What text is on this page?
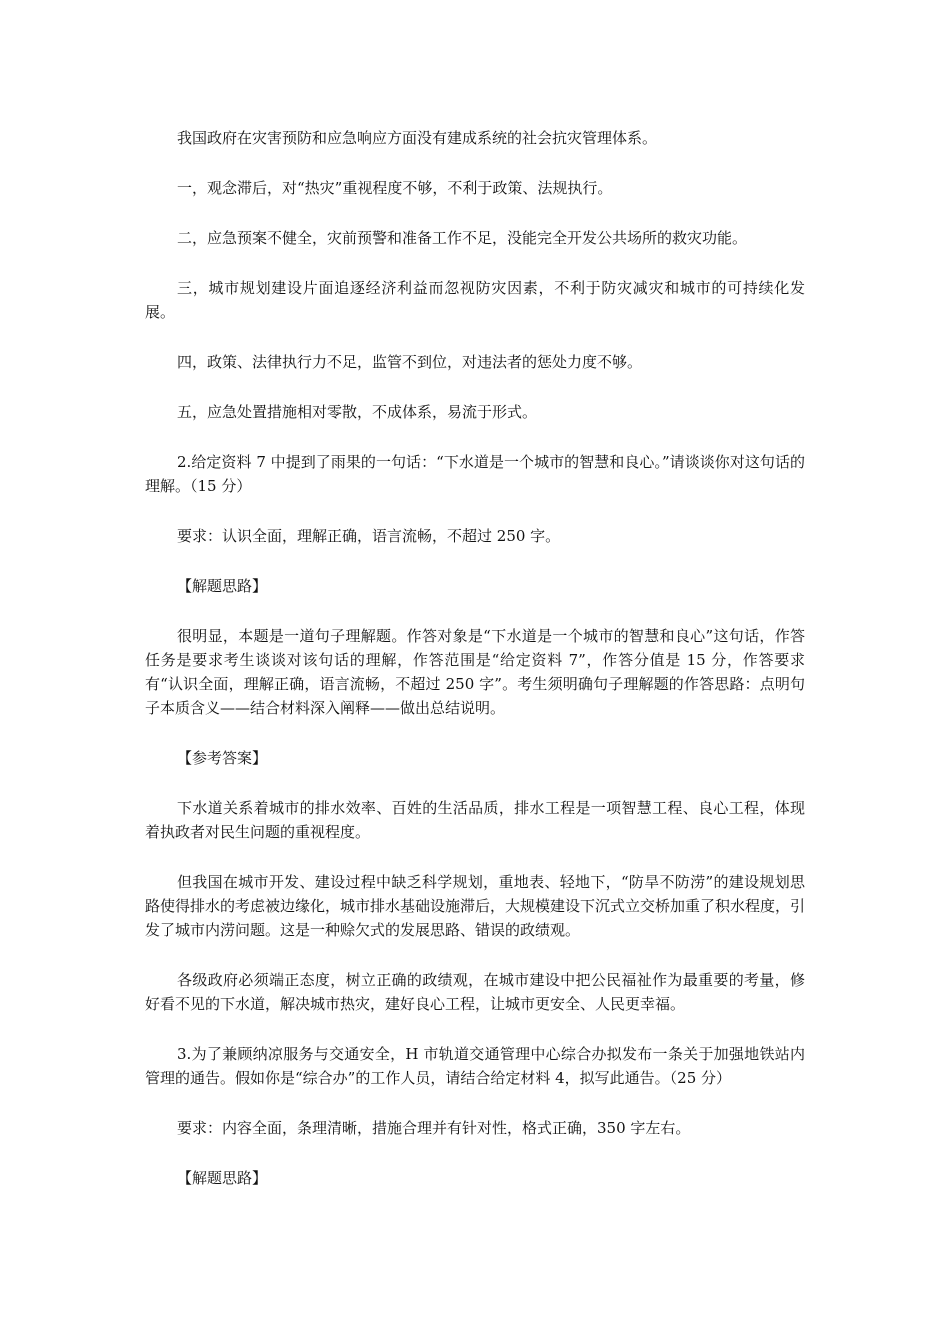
我国政府在灾害预防和应急响应方面没有建成系统的社会抗灾管理体系。

一，观念滞后，对“热灾”重视程度不够，不利于政策、法规执行。

二，应急预案不健全，灾前预警和准备工作不足，没能完全开发公共场所的救灾功能。

三，城市规划建设片面追逐经济利益而忽视防灾因素，不利于防灾减灾和城市的可持续化发展。

四，政策、法律执行力不足，监管不到位，对违法者的惩处力度不够。

五，应急处置措施相对零散，不成体系，易流于形式。

2.给定资料 7 中提到了雨果的一句话：“下水道是一个城市的智慧和良心。”请谈谈你对这句话的理解。（15 分）

要求：认识全面，理解正确，语言流畅，不超过 250 字。

【解题思路】

很明显，本题是一道句子理解题。作答对象是“下水道是一个城市的智慧和良心”这句话，作答任务是要求考生谈谈对该句话的理解，作答范围是“给定资料 7”，作答分值是 15 分，作答要求有“认识全面，理解正确，语言流畅，不超过 250 字”。考生须明确句子理解题的作答思路：点明句子本质含义——结合材料深入阐释——做出总结说明。

【参考答案】

下水道关系着城市的排水效率、百姓的生活品质，排水工程是一项智慧工程、良心工程，体现着执政者对民生问题的重视程度。

但我国在城市开发、建设过程中缺乏科学规划，重地表、轻地下，“防旱不防涝”的建设规划思路使得排水的考虑被边缘化，城市排水基础设施滞后，大规模建设下沉式立交桥加重了积水程度，引发了城市内涝问题。这是一种赊欠式的发展思路、错误的政绩观。

各级政府必须端正态度，树立正确的政绩观，在城市建设中把公民福祉作为最重要的考量，修好看不见的下水道，解决城市热灾，建好良心工程，让城市更安全、人民更幸福。

3.为了兼顾纳凉服务与交通安全，H 市轨道交通管理中心综合办拟发布一条关于加强地铁站内管理的通告。假如你是“综合办”的工作人员，请结合给定材料 4，拟写此通告。（25 分）

要求：内容全面，条理清晰，措施合理并有针对性，格式正确，350 字左右。

【解题思路】
